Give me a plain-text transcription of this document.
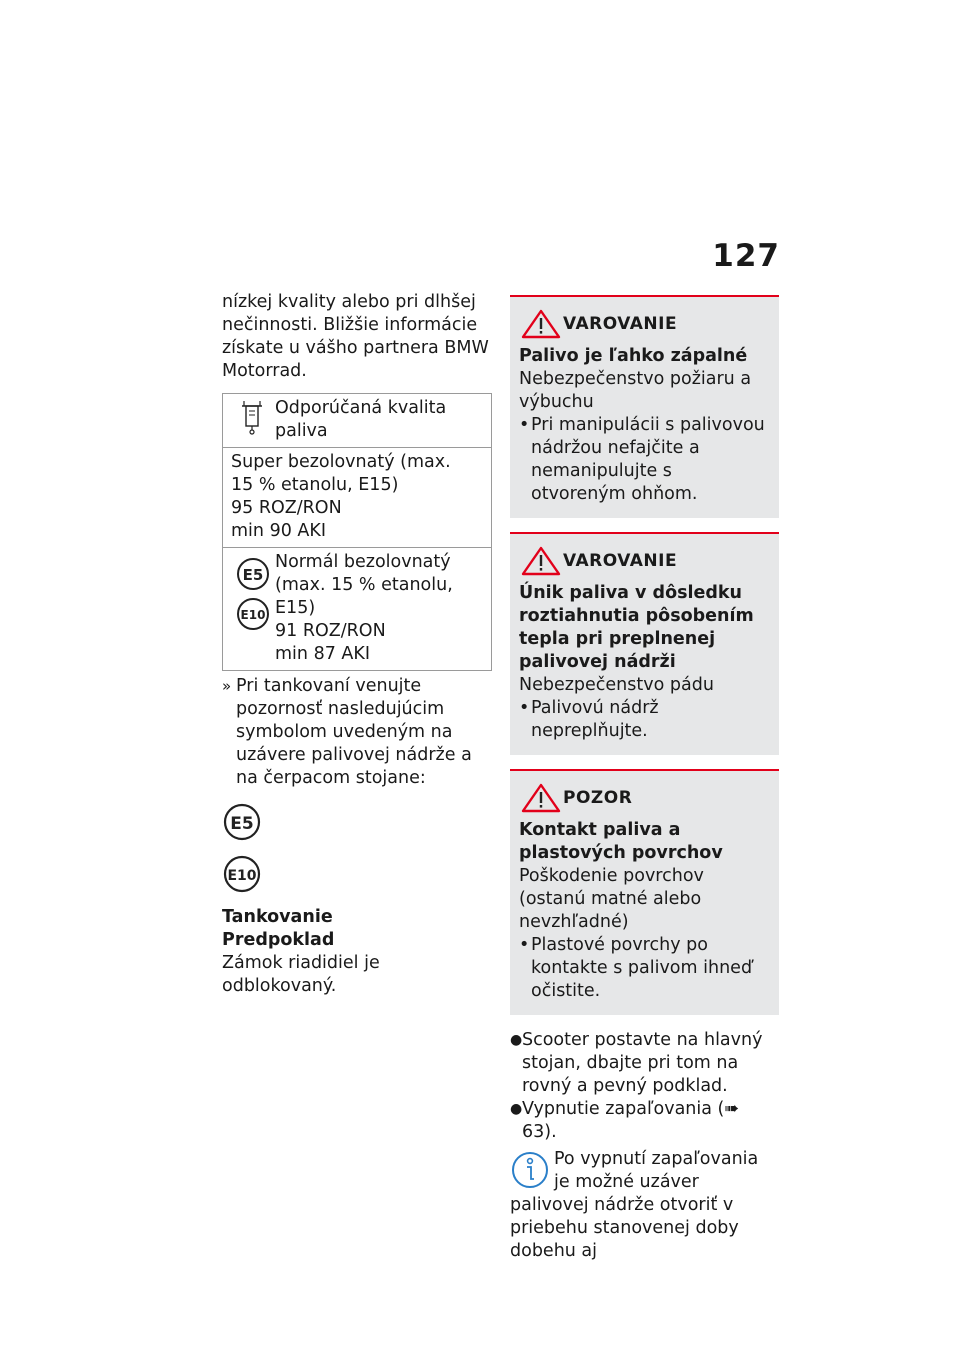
127

nízkej kvality alebo pri dlhšej nečinnosti. Bližšie informácie získate u vášho partnera BMW Motorrad.

Odporúčaná kvalita paliva
Super bezolovnatý (max.
15 % etanolu, E15)
95 ROZ/RON
min 90 AKI
E5
E10
Normál bezolovnatý
(max. 15 % etanolu,
E15)
91 ROZ/RON
min 87 AKI
» Pri tankovaní venujte pozornosť nasledujúcim symbolom uvedeným na uzávere palivovej nádrže a na čerpacom stojane:
E5
E10

Tankovanie

Predpoklad

Zámok riadidiel je odblokovaný.

VAROVANIE

Palivo je ľahko zápalné

Nebezpečenstvo požiaru a výbuchu

• Pri manipulácii s palivovou nádržou nefajčite a nemanipulujte s otvoreným ohňom.
VAROVANIE

Únik paliva v dôsledku roztiahnutia pôsobením tepla pri preplnenej palivovej nádrži

Nebezpečenstvo pádu

• Palivovú nádrž nepreplňujte.
POZOR

Kontakt paliva a plastových povrchov

Poškodenie povrchov (ostanú matné alebo nevzhľadné)

• Plastové povrchy po kontakte s palivom ihneď očistite.
● Scooter postavte na hlavný stojan, dbajte pri tom na rovný a pevný podklad.
● Vypnutie zapaľovania (➠ 63).

Po vypnutí zapaľovania je možné uzáver palivovej nádrže otvoriť v priebehu stanovenej doby dobehu aj
